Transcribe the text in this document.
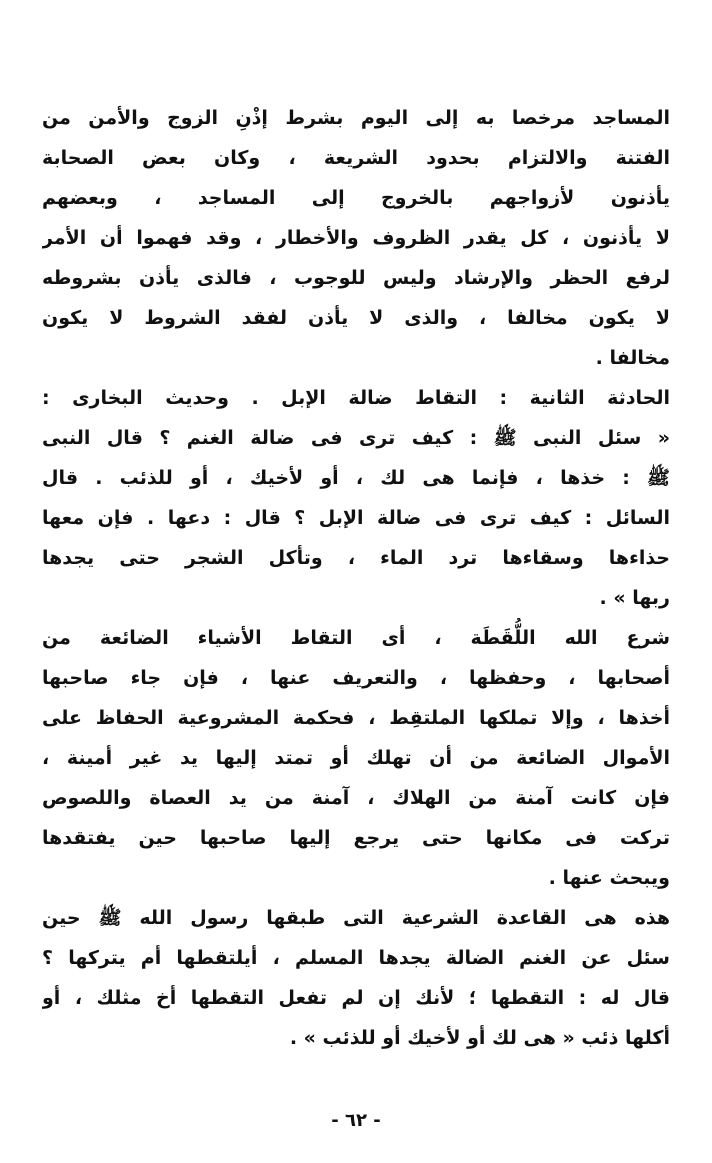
المساجد مرخصا به إلى اليوم بشرط إذْنِ الزوج والأمن من
الفتنة والالتزام بحدود الشريعة ، وكان بعض الصحابة
يأذنون لأزواجهم بالخروج إلى المساجد ، وبعضهم
لا يأذنون ، كل يقدر الظروف والأخطار ، وقد فهموا أن الأمر
لرفع الحظر والإرشاد وليس للوجوب ، فالذى يأذن بشروطه
لا يكون مخالفا ، والذى لا يأذن لفقد الشروط لا يكون
مخالفا .
الحادثة الثانية : التقاط ضالة الإبل . وحديث البخارى :
« سئل النبى ﷺ : كيف ترى فى ضالة الغنم ؟ قال النبى
ﷺ : خذها ، فإنما هى لك ، أو لأخيك ، أو للذئب . قال
السائل : كيف ترى فى ضالة الإبل ؟ قال : دعها . فإن معها
حذاءها وسقاءها ترد الماء ، وتأكل الشجر حتى يجدها
ربها » .
شرع الله اللُّقَطَة ، أى التقاط الأشياء الضائعة من
أصحابها ، وحفظها ، والتعريف عنها ، فإن جاء صاحبها
أخذها ، وإلا تملكها الملتقِط ، فحكمة المشروعية الحفاظ على
الأموال الضائعة من أن تهلك أو تمتد إليها يد غير أمينة ،
فإن كانت آمنة من الهلاك ، آمنة من يد العصاة واللصوص
تركت فى مكانها حتى يرجع إليها صاحبها حين يفتقدها
ويبحث عنها .
هذه هى القاعدة الشرعية التى طبقها رسول الله ﷺ حين
سئل عن الغنم الضالة يجدها المسلم ، أيلتقطها أم يتركها ؟
قال له : التقطها ؛ لأنك إن لم تفعل التقطها أخ مثلك ، أو
أكلها ذئب « هى لك أو لأخيك أو للذئب » .
- ٦٢ -
